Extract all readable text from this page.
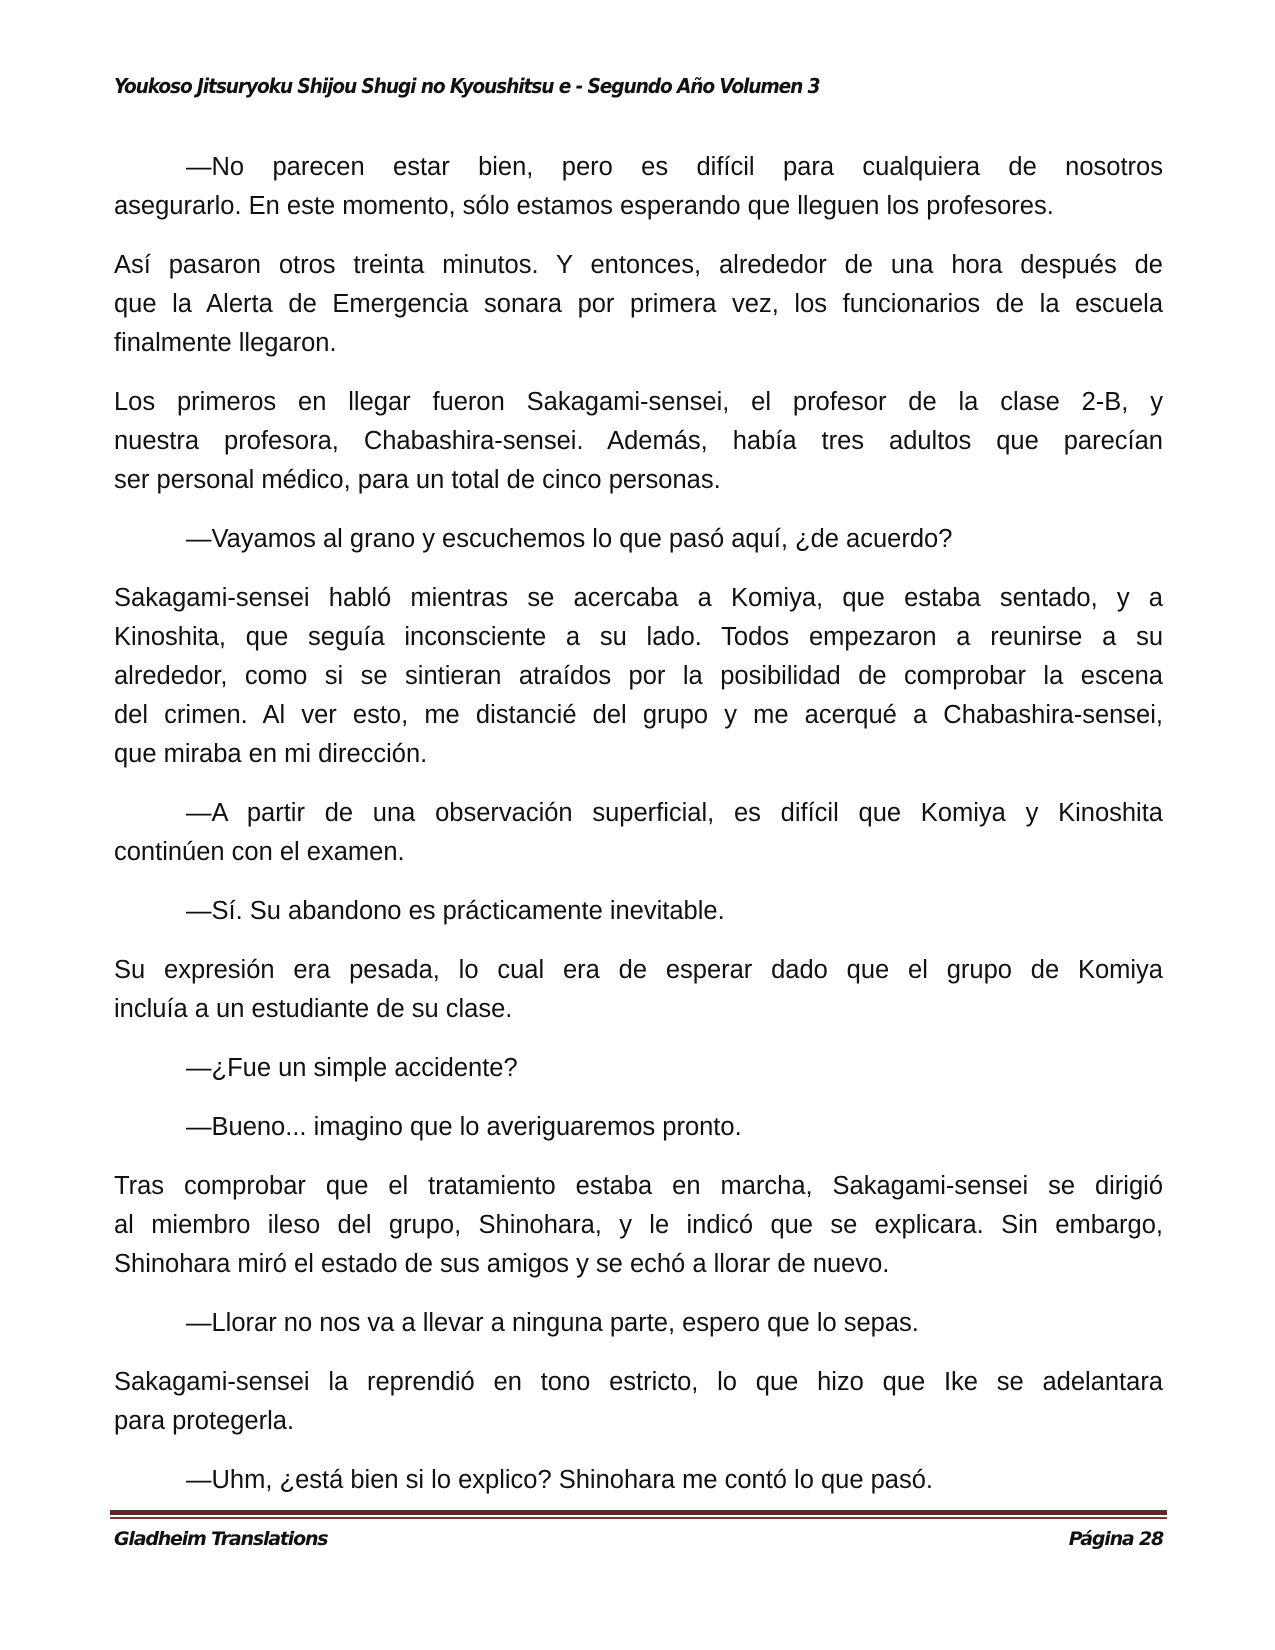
Youkoso Jitsuryoku Shijou Shugi no Kyoushitsu e - Segundo Año Volumen 3
—No parecen estar bien, pero es difícil para cualquiera de nosotros
asegurarlo. En este momento, sólo estamos esperando que lleguen los profesores.
Así pasaron otros treinta minutos. Y entonces, alrededor de una hora después de
que la Alerta de Emergencia sonara por primera vez, los funcionarios de la escuela
finalmente llegaron.
Los primeros en llegar fueron Sakagami-sensei, el profesor de la clase 2-B, y
nuestra profesora, Chabashira-sensei. Además, había tres adultos que parecían
ser personal médico, para un total de cinco personas.
—Vayamos al grano y escuchemos lo que pasó aquí, ¿de acuerdo?
Sakagami-sensei habló mientras se acercaba a Komiya, que estaba sentado, y a
Kinoshita, que seguía inconsciente a su lado. Todos empezaron a reunirse a su
alrededor, como si se sintieran atraídos por la posibilidad de comprobar la escena
del crimen. Al ver esto, me distancié del grupo y me acerqué a Chabashira-sensei,
que miraba en mi dirección.
—A partir de una observación superficial, es difícil que Komiya y Kinoshita
continúen con el examen.
—Sí. Su abandono es prácticamente inevitable.
Su expresión era pesada, lo cual era de esperar dado que el grupo de Komiya
incluía a un estudiante de su clase.
—¿Fue un simple accidente?
—Bueno... imagino que lo averiguaremos pronto.
Tras comprobar que el tratamiento estaba en marcha, Sakagami-sensei se dirigió
al miembro ileso del grupo, Shinohara, y le indicó que se explicara. Sin embargo,
Shinohara miró el estado de sus amigos y se echó a llorar de nuevo.
—Llorar no nos va a llevar a ninguna parte, espero que lo sepas.
Sakagami-sensei la reprendió en tono estricto, lo que hizo que Ike se adelantara
para protegerla.
—Uhm, ¿está bien si lo explico? Shinohara me contó lo que pasó.
Gladheim Translations	Página 28
